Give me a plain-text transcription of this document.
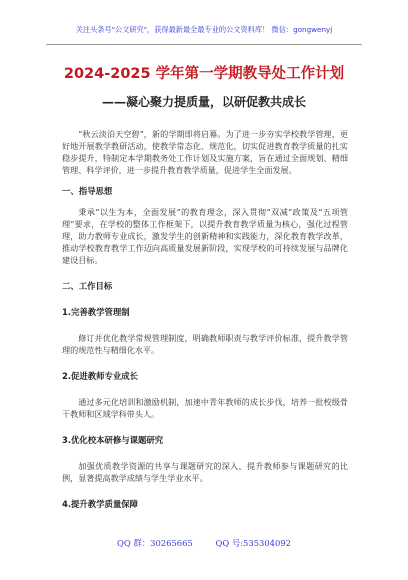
关注头条号"公文研究"，获得最新最全最专业的公文资料库！ 微信：gongwenyj
2024-2025 学年第一学期教导处工作计划
——凝心聚力提质量，以研促教共成长

“秋云淡泊天空碧”，新的学期即将启幕。为了进一步夯实学校教学管理，更好地开展教学教研活动，使教学常态化、规范化，切实促进教育教学质量的扎实稳步提升，特制定本学期教务处工作计划及实施方案，旨在通过全面规划、精细管理、科学评价，进一步提升教育教学质量，促进学生全面发展。

一、指导思想

秉承“以生为本，全面发展”的教育理念，深入贯彻“双减”政策及“五项管理”要求，在学校的整体工作框架下，以提升教育教学质量为核心，强化过程管理，助力教师专业成长，激发学生的创新精神和实践能力，深化教育教学改革，推动学校教育教学工作迈向高质量发展新阶段，实现学校的可持续发展与品牌化建设目标。

二、工作目标

1.完善教学管理制

修订并优化教学常规管理制度，明确教师职责与教学评价标准，提升教学管理的规范性与精细化水平。

2.促进教师专业成长

通过多元化培训和激励机制，加速中青年教师的成长步伐，培养一批校级骨干教师和区域学科带头人。

3.优化校本研修与课题研究

加强优质教学资源的共享与课题研究的深入，提升教师参与课题研究的比例，显著提高教学成绩与学生学业水平。

4.提升教学质量保障

QQ 群：30265665	QQ 号:535304092
